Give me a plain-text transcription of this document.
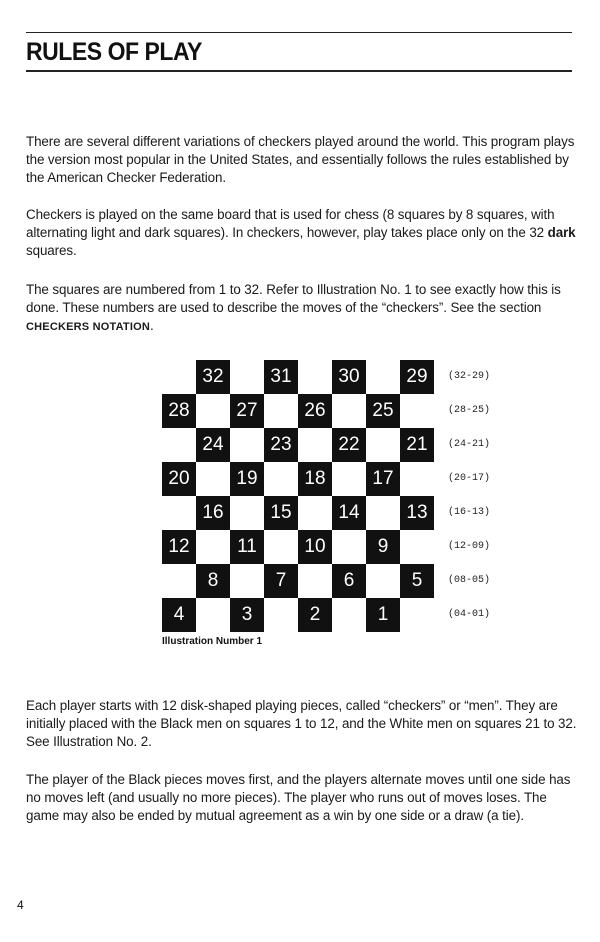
RULES OF PLAY

There are several different variations of checkers played around the world. This program plays the version most popular in the United States, and essentially follows the rules established by the American Checker Federation.

Checkers is played on the same board that is used for chess (8 squares by 8 squares, with alternating light and dark squares). In checkers, however, play takes place only on the 32 dark squares.

The squares are numbered from 1 to 32. Refer to Illustration No. 1 to see exactly how this is done. These numbers are used to describe the moves of the “checkers”. See the section CHECKERS NOTATION.

32	31	30	29
28	27	26	25
24	23	22	21
20	19	18	17
16	15	14	13
12	11	10	9
8	7	6	5
4	3	2	1
(32-29)
(28-25)
(24-21)
(20-17)
(16-13)
(12-09)
(08-05)
(04-01)
Illustration Number 1

Each player starts with 12 disk-shaped playing pieces, called “checkers” or “men”. They are initially placed with the Black men on squares 1 to 12, and the White men on squares 21 to 32. See Illustration No. 2.

The player of the Black pieces moves first, and the players alternate moves until one side has no moves left (and usually no more pieces). The player who runs out of moves loses. The game may also be ended by mutual agreement as a win by one side or a draw (a tie).

4
